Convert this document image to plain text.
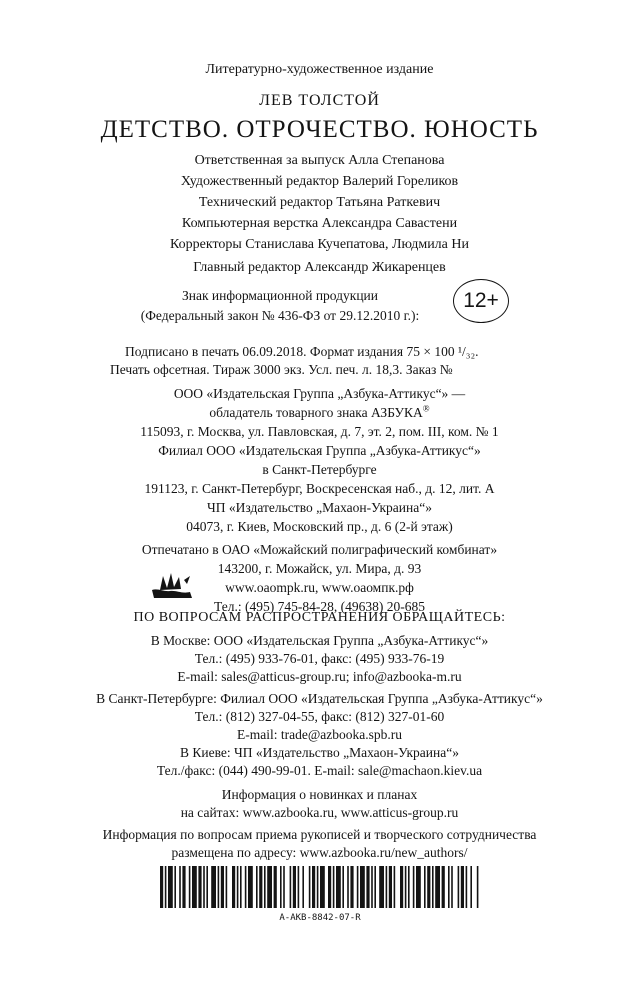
Литературно-художественное издание
ЛЕВ ТОЛСТОЙ
ДЕТСТВО. ОТРОЧЕСТВО. ЮНОСТЬ
Ответственная за выпуск Алла Степанова
Художественный редактор Валерий Гореликов
Технический редактор Татьяна Раткевич
Компьютерная верстка Александра Савастени
Корректоры Станислава Кучепатова, Людмила Ни
Главный редактор Александр Жикаренцев
Знак информационной продукции
(Федеральный закон № 436-ФЗ от 29.12.2010 г.):
12+
Подписано в печать 06.09.2018. Формат издания 75 × 100 ¹/₃₂.
Печать офсетная. Тираж 3000 экз. Усл. печ. л. 18,3. Заказ №
ООО «Издательская Группа „Азбука-Аттикус“» —
обладатель товарного знака АЗБУКА®
115093, г. Москва, ул. Павловская, д. 7, эт. 2, пом. III, ком. № 1
Филиал ООО «Издательская Группа „Азбука-Аттикус“»
в Санкт-Петербурге
191123, г. Санкт-Петербург, Воскресенская наб., д. 12, лит. А
ЧП «Издательство „Махаон-Украина“»
04073, г. Киев, Московский пр., д. 6 (2-й этаж)
Отпечатано в ОАО «Можайский полиграфический комбинат»
143200, г. Можайск, ул. Мира, д. 93
www.oaompk.ru, www.оаомпк.рф
Тел.: (495) 745-84-28, (49638) 20-685
ПО ВОПРОСАМ РАСПРОСТРАНЕНИЯ ОБРАЩАЙТЕСЬ:
В Москве: ООО «Издательская Группа „Азбука-Аттикус“»
Тел.: (495) 933-76-01, факс: (495) 933-76-19
E-mail: sales@atticus-group.ru; info@azbooka-m.ru
В Санкт-Петербурге: Филиал ООО «Издательская Группа „Азбука-Аттикус“»
Тел.: (812) 327-04-55, факс: (812) 327-01-60
E-mail: trade@azbooka.spb.ru
В Киеве: ЧП «Издательство „Махаон-Украина“»
Тел./факс: (044) 490-99-01. E-mail: sale@machaon.kiev.ua
Информация о новинках и планах
на сайтах: www.azbooka.ru, www.atticus-group.ru
Информация по вопросам приема рукописей и творческого сотрудничества
размещена по адресу: www.azbooka.ru/new_authors/
A-AKB-8842-07-R
